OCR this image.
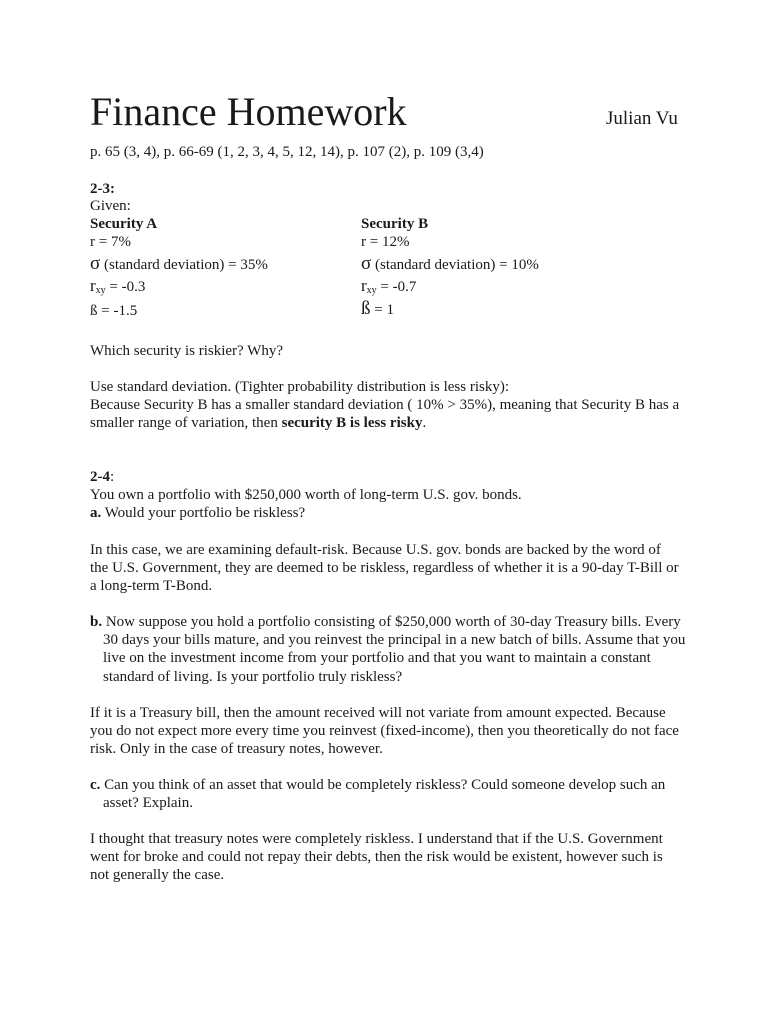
Finance Homework	Julian Vu
p. 65 (3, 4), p. 66-69 (1, 2, 3, 4, 5, 12, 14), p. 107 (2), p. 109 (3,4)
2-3:
Given:
Security A
r = 7%
σ (standard deviation) = 35%
$r_{xy} = -0.3$
ß = -1.5
Security B
r = 12%
σ (standard deviation) = 10%
$r_{xy} = -0.7$
ß = 1
Which security is riskier? Why?
Use standard deviation. (Tighter probability distribution is less risky):
Because Security B has a smaller standard deviation ( 10% > 35%), meaning that Security B has a smaller range of variation, then security B is less risky.
2-4:
You own a portfolio with $250,000 worth of long-term U.S. gov. bonds.
a. Would your portfolio be riskless?
In this case, we are examining default-risk. Because U.S. gov. bonds are backed by the word of the U.S. Government, they are deemed to be riskless, regardless of whether it is a 90-day T-Bill or a long-term T-Bond.
b. Now suppose you hold a portfolio consisting of $250,000 worth of 30-day Treasury bills. Every 30 days your bills mature, and you reinvest the principal in a new batch of bills. Assume that you live on the investment income from your portfolio and that you want to maintain a constant standard of living. Is your portfolio truly riskless?
If it is a Treasury bill, then the amount received will not variate from amount expected. Because you do not expect more every time you reinvest (fixed-income), then you theoretically do not face risk. Only in the case of treasury notes, however.
c. Can you think of an asset that would be completely riskless? Could someone develop such an asset? Explain.
I thought that treasury notes were completely riskless. I understand that if the U.S. Government went for broke and could not repay their debts, then the risk would be existent, however such is not generally the case.
